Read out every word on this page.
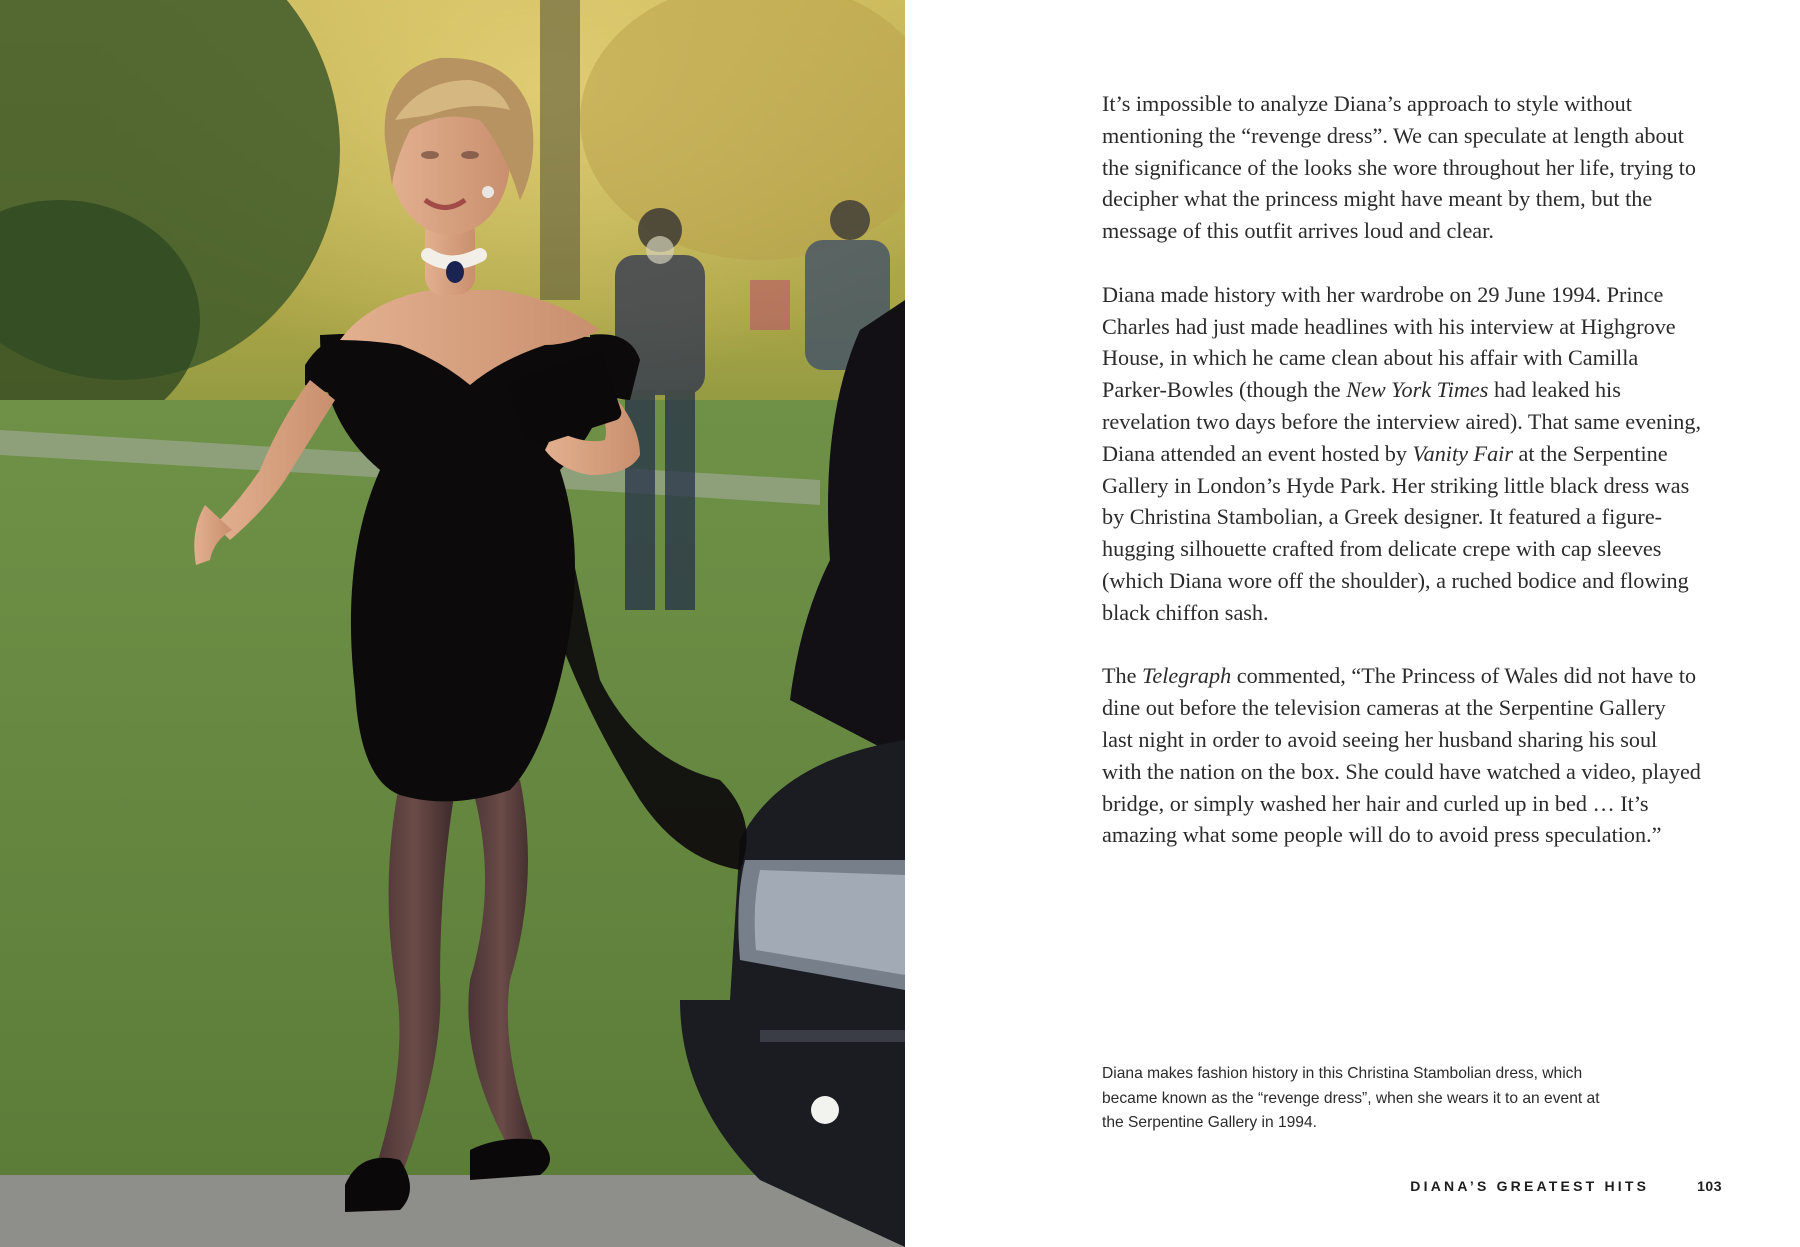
It’s impossible to analyze Diana’s approach to style without mentioning the “revenge dress”. We can speculate at length about the significance of the looks she wore throughout her life, trying to decipher what the princess might have meant by them, but the message of this outfit arrives loud and clear.

Diana made history with her wardrobe on 29 June 1994. Prince Charles had just made headlines with his interview at Highgrove House, in which he came clean about his affair with Camilla Parker-Bowles (though the New York Times had leaked his revelation two days before the interview aired). That same evening, Diana attended an event hosted by Vanity Fair at the Serpentine Gallery in London’s Hyde Park. Her striking little black dress was by Christina Stambolian, a Greek designer. It featured a figure-hugging silhouette crafted from delicate crepe with cap sleeves (which Diana wore off the shoulder), a ruched bodice and flowing black chiffon sash.

The Telegraph commented, “The Princess of Wales did not have to dine out before the television cameras at the Serpentine Gallery last night in order to avoid seeing her husband sharing his soul with the nation on the box. She could have watched a video, played bridge, or simply washed her hair and curled up in bed … It’s amazing what some people will do to avoid press speculation.”

Diana makes fashion history in this Christina Stambolian dress, which became known as the “revenge dress”, when she wears it to an event at the Serpentine Gallery in 1994.
DIANA’S GREATEST HITS	103
